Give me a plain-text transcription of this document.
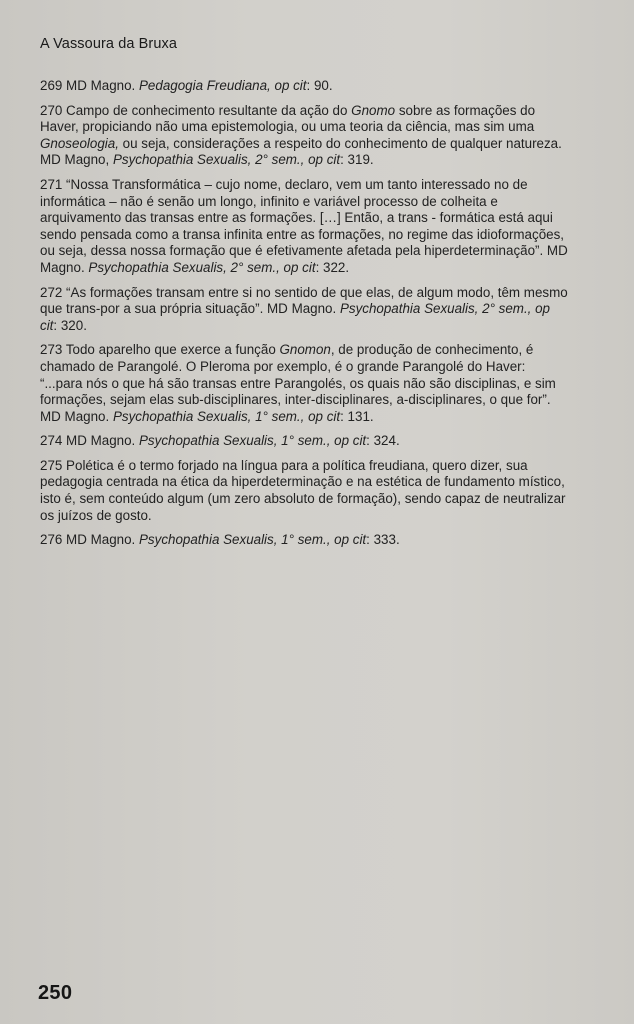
A Vassoura da Bruxa

269 MD Magno. Pedagogia Freudiana, op cit: 90.

270 Campo de conhecimento resultante da ação do Gnomo sobre as formações do Haver, propiciando não uma epistemologia, ou uma teoria da ciência, mas sim uma Gnoseologia, ou seja, considerações a respeito do conhecimento de qualquer natureza. MD Magno, Psychopathia Sexualis, 2° sem., op cit: 319.

271 “Nossa Transformática – cujo nome, declaro, vem um tanto interessado no de informática – não é senão um longo, infinito e variável processo de colheita e arquivamento das transas entre as formações. […] Então, a trans - formática está aqui sendo pensada como a transa infinita entre as formações, no regime das idioformações, ou seja, dessa nossa formação que é efetivamente afetada pela hiperdeterminação”. MD Magno. Psychopathia Sexualis, 2° sem., op cit: 322.

272 “As formações transam entre si no sentido de que elas, de algum modo, têm mesmo que trans-por a sua própria situação”. MD Magno. Psychopathia Sexualis, 2° sem., op cit: 320.

273 Todo aparelho que exerce a função Gnomon, de produção de conhecimento, é chamado de Parangolé. O Pleroma por exemplo, é o grande Parangolé do Haver: “...para nós o que há são transas entre Parangolés, os quais não são disciplinas, e sim formações, sejam elas sub-disciplinares, inter-disciplinares, a-disciplinares, o que for”. MD Magno. Psychopathia Sexualis, 1° sem., op cit: 131.

274 MD Magno. Psychopathia Sexualis, 1° sem., op cit: 324.

275 Polética é o termo forjado na língua para a política freudiana, quero dizer, sua pedagogia centrada na ética da hiperdeterminação e na estética de fundamento místico, isto é, sem conteúdo algum (um zero absoluto de formação), sendo capaz de neutralizar os juízos de gosto.

276 MD Magno. Psychopathia Sexualis, 1° sem., op cit: 333.

250
